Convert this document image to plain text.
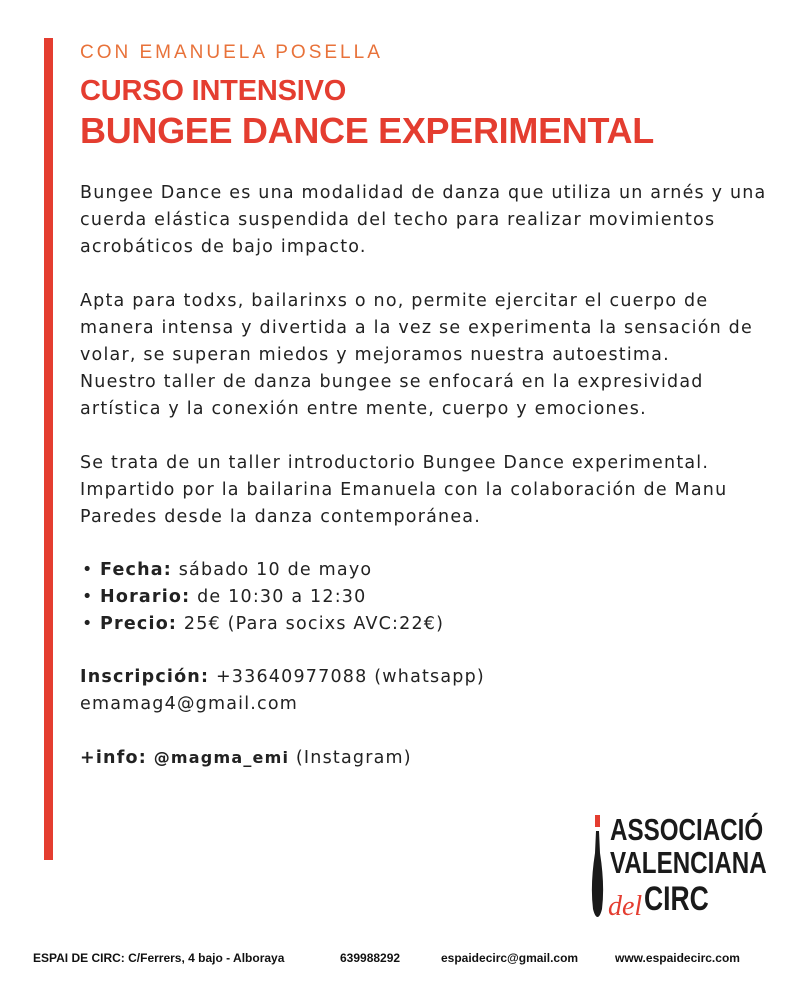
CON EMANUELA POSELLA
CURSO INTENSIVO
BUNGEE DANCE EXPERIMENTAL

Bungee Dance es una modalidad de danza que utiliza un arnés y una cuerda elástica suspendida del techo para realizar movimientos acrobáticos de bajo impacto.

Apta para todxs, bailarinxs o no, permite ejercitar el cuerpo de manera intensa y divertida a la vez se experimenta la sensación de volar, se superan miedos y mejoramos nuestra autoestima.

Nuestro taller de danza bungee se enfocará en la expresividad artística y la conexión entre mente, cuerpo y emociones.

Se trata de un taller introductorio Bungee Dance experimental. Impartido por la bailarina Emanuela con la colaboración de Manu Paredes desde la danza contemporánea.

• Fecha: sábado 10 de mayo
• Horario: de 10:30 a 12:30
• Precio: 25€ (Para socixs AVC:22€)
Inscripción: +33640977088 (whatsapp)
emamag4@gmail.com
+info: @magma_emi (Instagram)
ASSOCIACIÓ
VALENCIANA
del CIRC
ESPAI DE CIRC: C/Ferrers, 4 bajo - Alboraya	639988292	espaidecirc@gmail.com	www.espaidecirc.com
